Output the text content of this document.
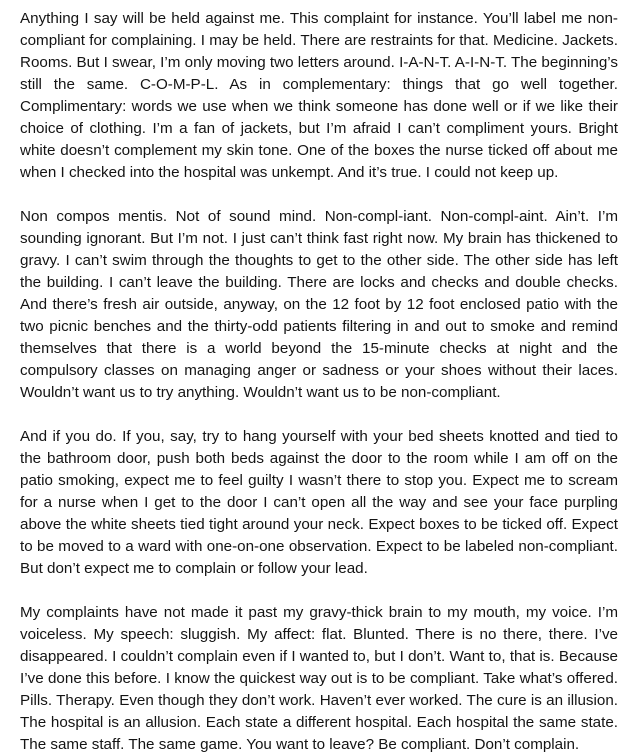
Anything I say will be held against me. This complaint for instance. You’ll label me non-compliant for complaining. I may be held. There are restraints for that. Medicine. Jackets. Rooms. But I swear, I’m only moving two letters around. I-A-N-T. A-I-N-T. The beginning’s still the same. C-O-M-P-L. As in complementary: things that go well together. Complimentary: words we use when we think someone has done well or if we like their choice of clothing. I’m a fan of jackets, but I’m afraid I can’t compliment yours. Bright white doesn’t complement my skin tone. One of the boxes the nurse ticked off about me when I checked into the hospital was unkempt. And it’s true. I could not keep up.

Non compos mentis. Not of sound mind. Non-compl-iant. Non-compl-aint. Ain’t. I’m sounding ignorant. But I’m not. I just can’t think fast right now. My brain has thickened to gravy. I can’t swim through the thoughts to get to the other side. The other side has left the building. I can’t leave the building. There are locks and checks and double checks. And there’s fresh air outside, anyway, on the 12 foot by 12 foot enclosed patio with the two picnic benches and the thirty-odd patients filtering in and out to smoke and remind themselves that there is a world beyond the 15-minute checks at night and the compulsory classes on managing anger or sadness or your shoes without their laces. Wouldn’t want us to try anything. Wouldn’t want us to be non-compliant.

And if you do. If you, say, try to hang yourself with your bed sheets knotted and tied to the bathroom door, push both beds against the door to the room while I am off on the patio smoking, expect me to feel guilty I wasn’t there to stop you. Expect me to scream for a nurse when I get to the door I can’t open all the way and see your face purpling above the white sheets tied tight around your neck. Expect boxes to be ticked off. Expect to be moved to a ward with one-on-one observation. Expect to be labeled non-compliant. But don’t expect me to complain or follow your lead.

My complaints have not made it past my gravy-thick brain to my mouth, my voice. I’m voiceless. My speech: sluggish. My affect: flat. Blunted. There is no there, there. I’ve disappeared. I couldn’t complain even if I wanted to, but I don’t. Want to, that is. Because I’ve done this before. I know the quickest way out is to be compliant. Take what’s offered. Pills. Therapy. Even though they don’t work. Haven’t ever worked. The cure is an illusion. The hospital is an allusion. Each state a different hospital. Each hospital the same state. The same staff. The same game. You want to leave? Be compliant. Don’t complain.
